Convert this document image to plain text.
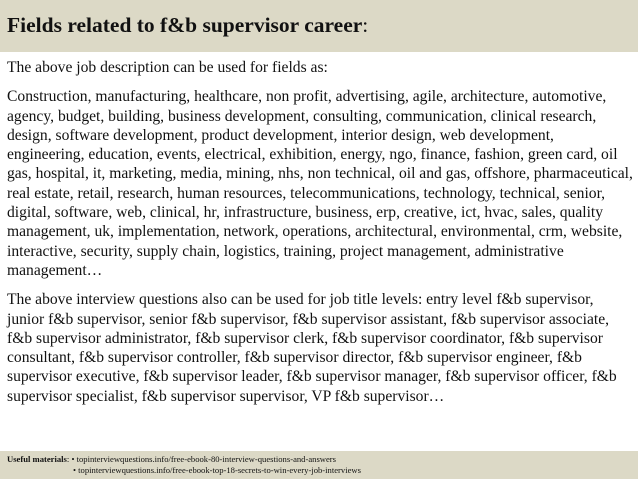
Fields related to f&b supervisor career:

The above job description can be used for fields as:

Construction, manufacturing, healthcare, non profit, advertising, agile, architecture, automotive, agency, budget, building, business development, consulting, communication, clinical research, design, software development, product development, interior design, web development, engineering, education, events, electrical, exhibition, energy, ngo, finance, fashion, green card, oil gas, hospital, it, marketing, media, mining, nhs, non technical, oil and gas, offshore, pharmaceutical, real estate, retail, research, human resources, telecommunications, technology, technical, senior, digital, software, web, clinical, hr, infrastructure, business, erp, creative, ict, hvac, sales, quality management, uk, implementation, network, operations, architectural, environmental, crm, website, interactive, security, supply chain, logistics, training, project management, administrative management…

The above interview questions also can be used for job title levels: entry level f&b supervisor, junior f&b supervisor, senior f&b supervisor, f&b supervisor assistant, f&b supervisor associate, f&b supervisor administrator, f&b supervisor clerk, f&b supervisor coordinator, f&b supervisor consultant, f&b supervisor controller, f&b supervisor director, f&b supervisor engineer, f&b supervisor executive, f&b supervisor leader, f&b supervisor manager, f&b supervisor officer, f&b supervisor specialist, f&b supervisor supervisor, VP f&b supervisor…

Useful materials: • topinterviewquestions.info/free-ebook-80-interview-questions-and-answers
• topinterviewquestions.info/free-ebook-top-18-secrets-to-win-every-job-interviews
